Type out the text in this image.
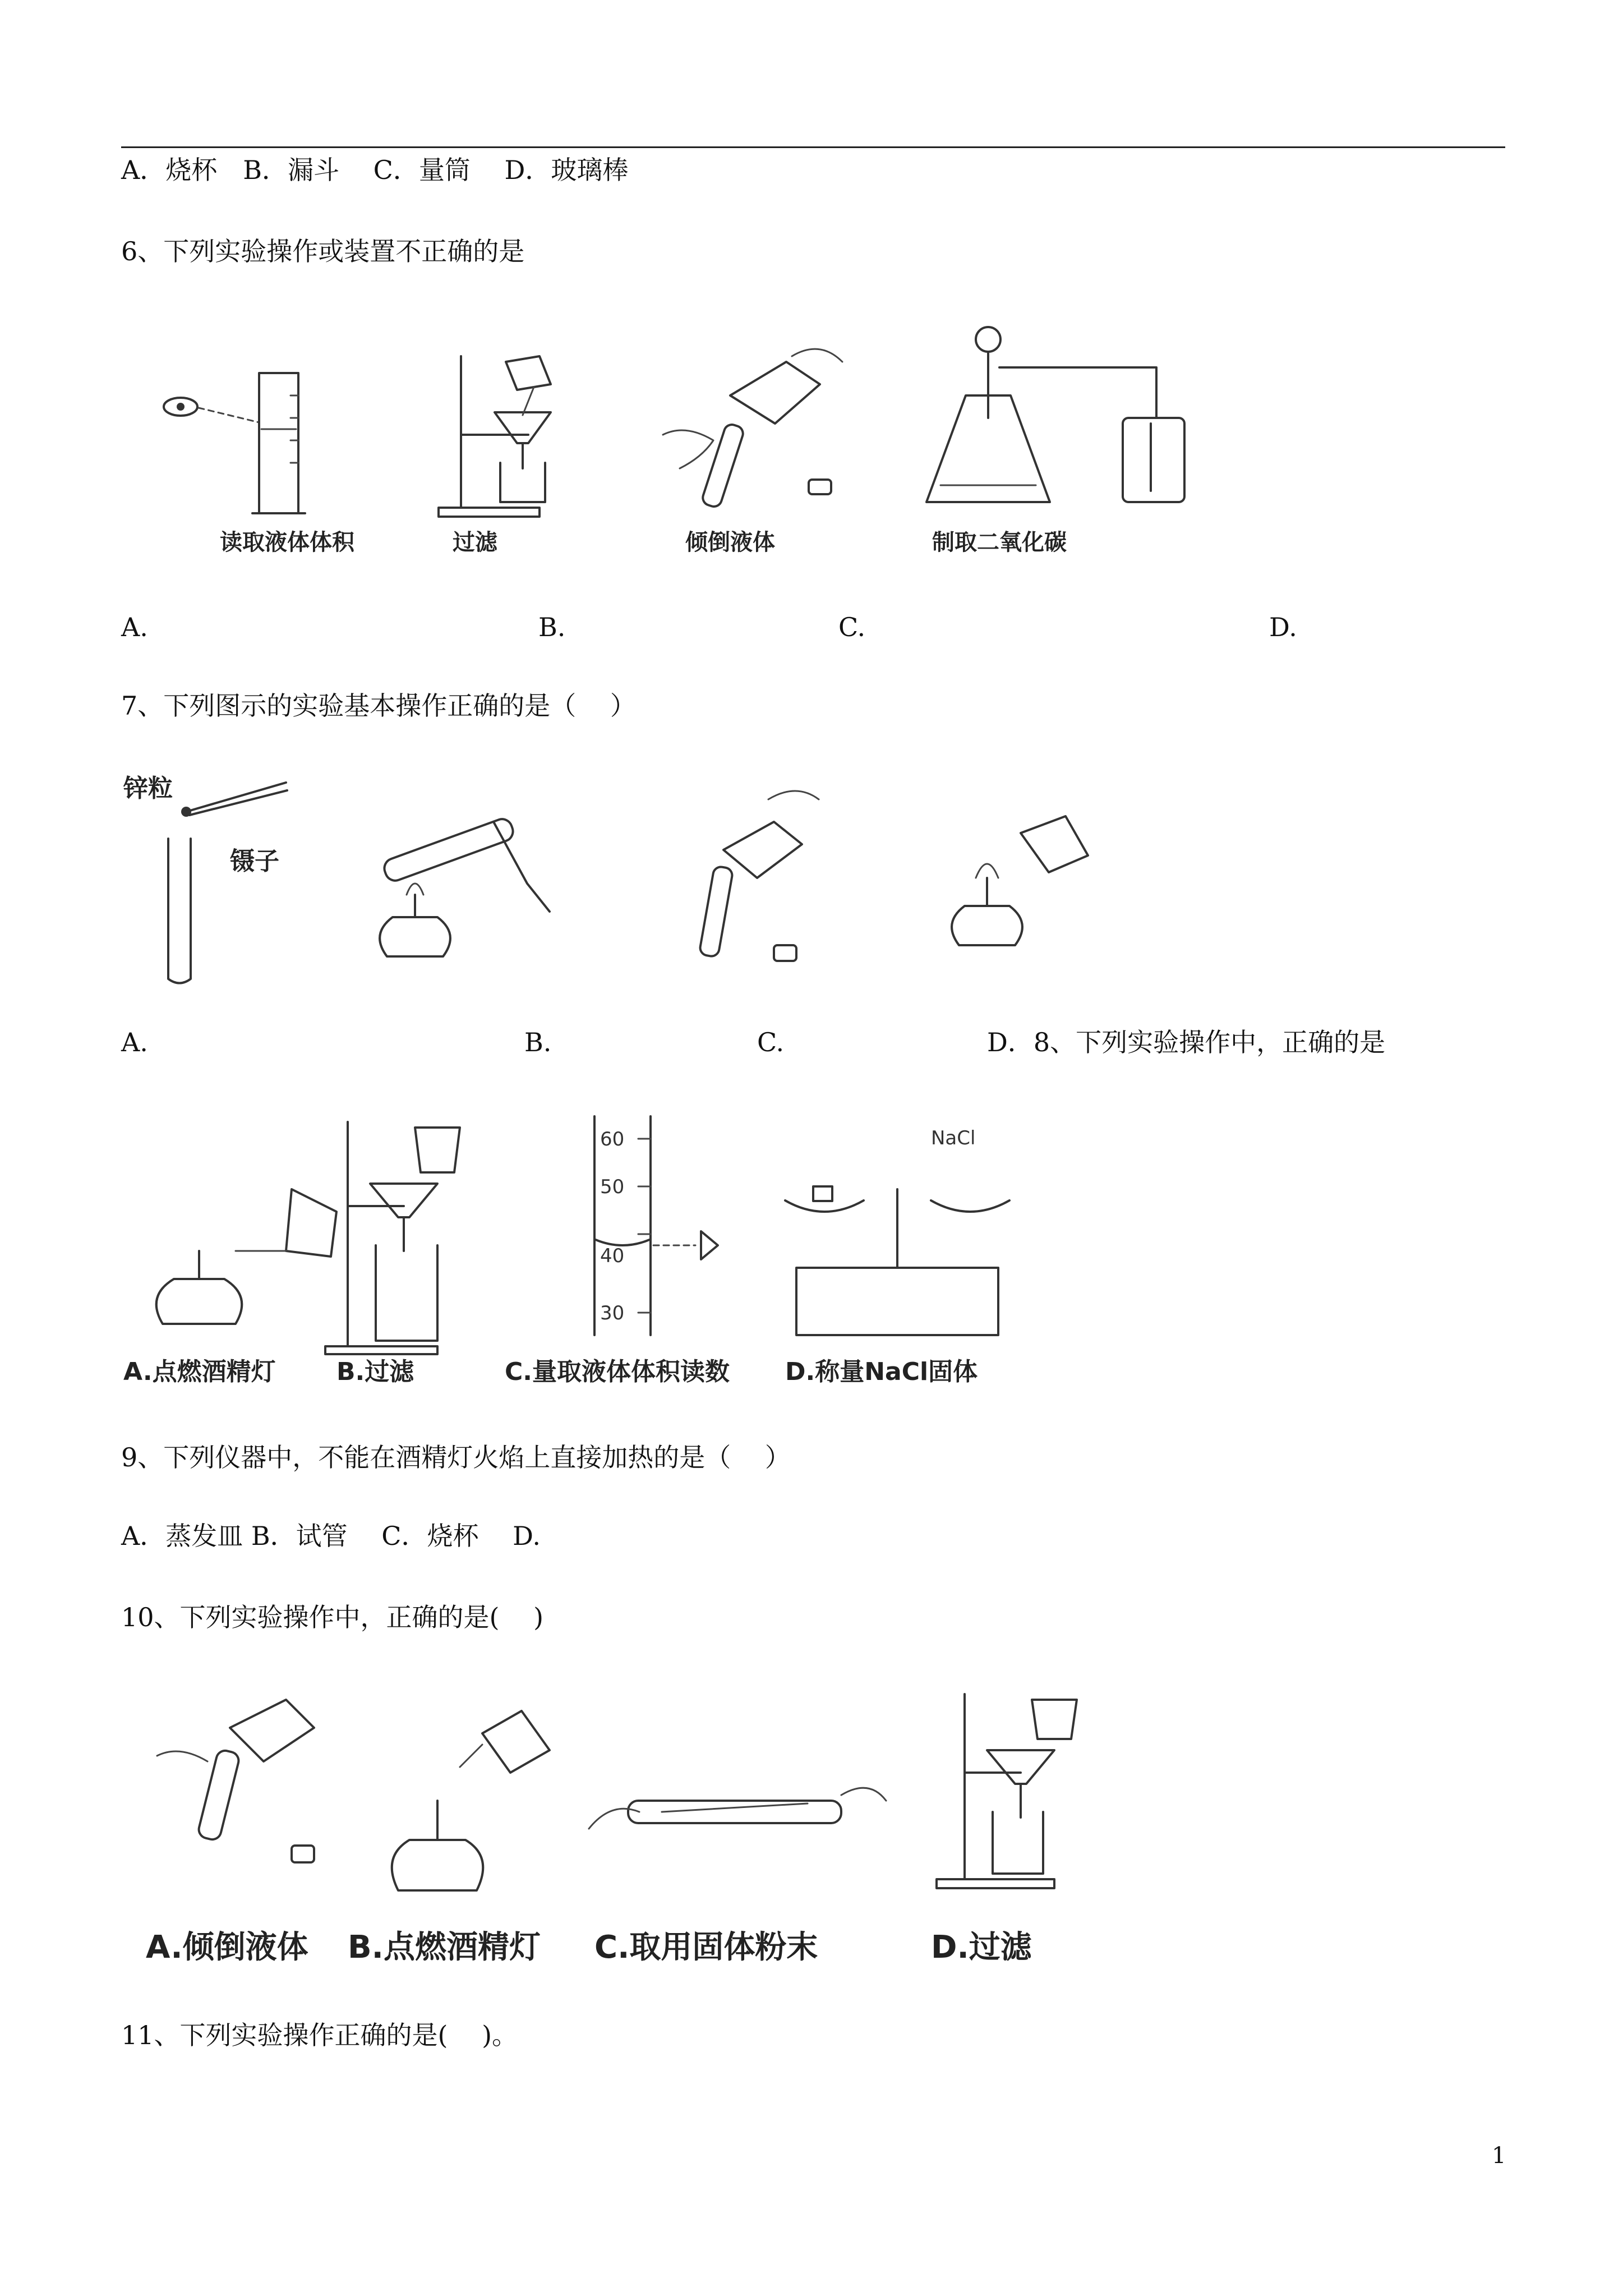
A．烧杯　B．漏斗　 C．量筒　 D．玻璃棒
6、下列实验操作或装置不正确的是
读取液体体积	过滤	倾倒液体	制取二氧化碳
A.	B.	C.	D.
7、下列图示的实验基本操作正确的是（　 ）
锌粒
镊子
A.	B.	C.	D．8、下列实验操作中，正确的是
60
50
40
30
NaCl
A.点燃酒精灯 B.过滤	C.量取液体体积读数 D.称量NaCl固体
9、下列仪器中，不能在酒精灯火焰上直接加热的是（　 ）
A．蒸发皿 B．试管　 C．烧杯　 D.
10、下列实验操作中，正确的是(　 )
A.倾倒液体 B.点燃酒精灯 C.取用固体粉末	D.过滤
11、下列实验操作正确的是(　 )。
1
